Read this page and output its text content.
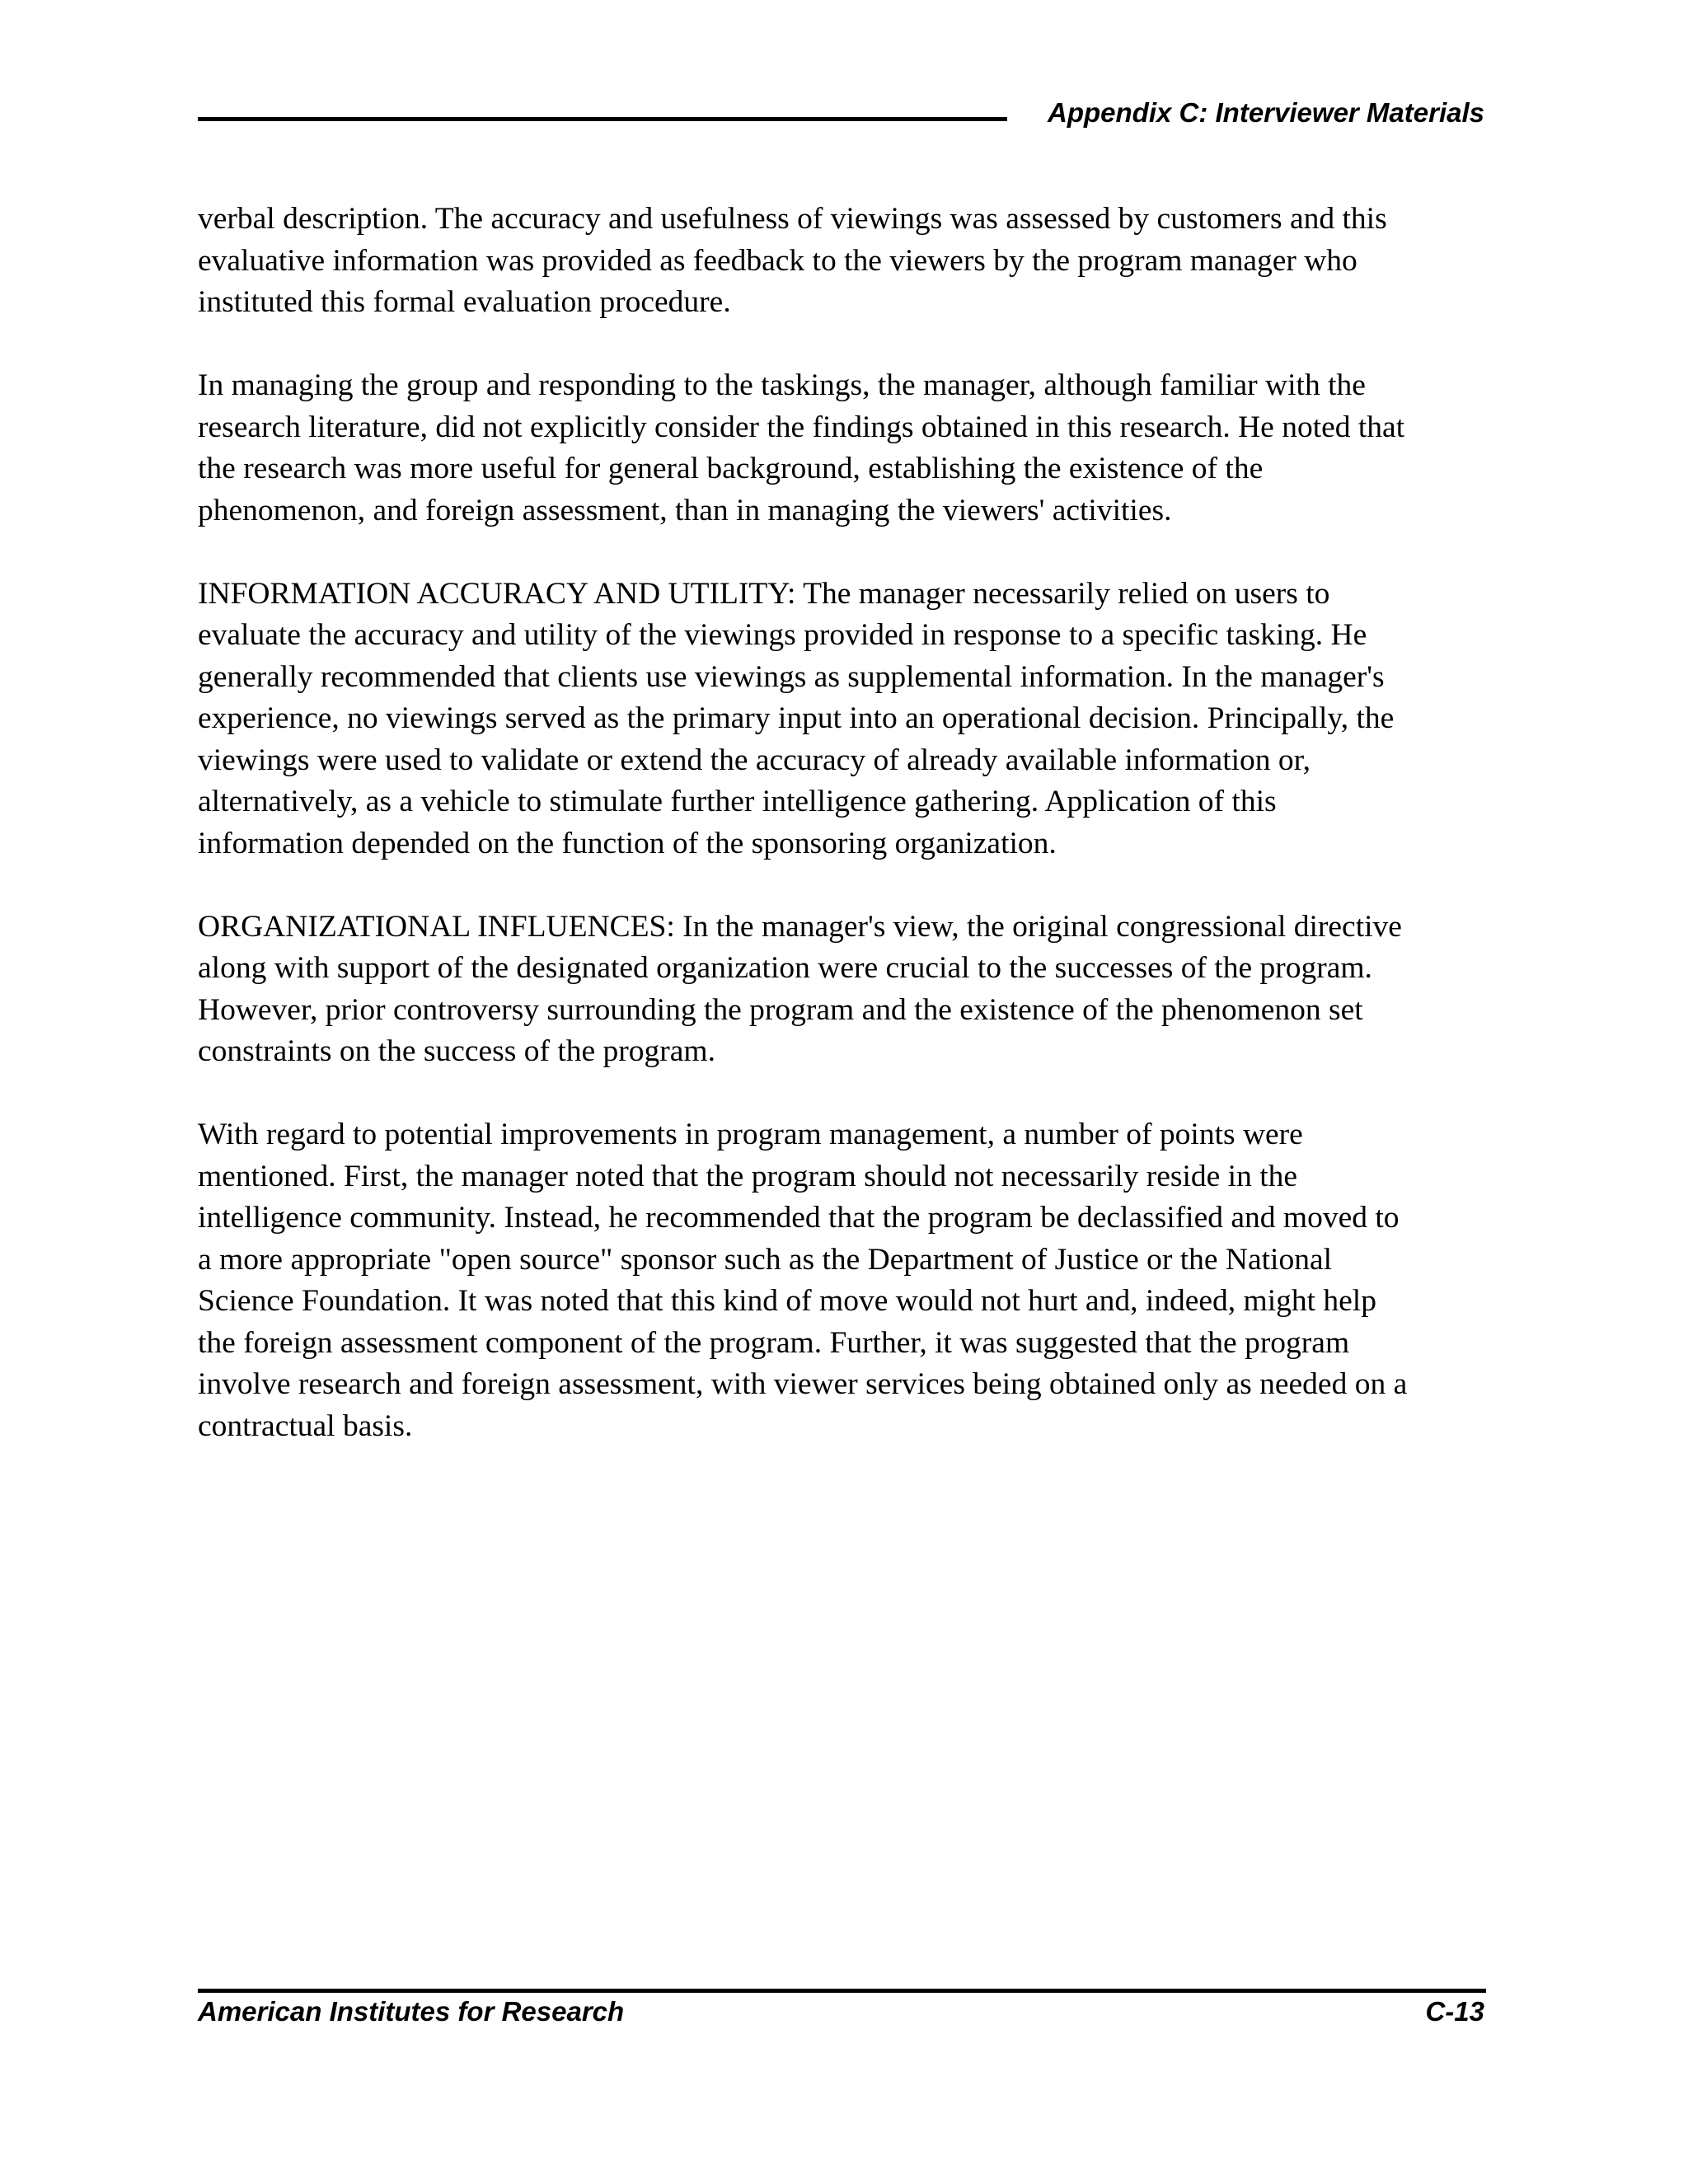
Appendix C: Interviewer Materials

verbal description. The accuracy and usefulness of viewings was assessed by customers and this
evaluative information was provided as feedback to the viewers by the program manager who
instituted this formal evaluation procedure.

In managing the group and responding to the taskings, the manager, although familiar with the
research literature, did not explicitly consider the findings obtained in this research. He noted that
the research was more useful for general background, establishing the existence of the
phenomenon, and foreign assessment, than in managing the viewers' activities.

INFORMATION ACCURACY AND UTILITY: The manager necessarily relied on users to
evaluate the accuracy and utility of the viewings provided in response to a specific tasking. He
generally recommended that clients use viewings as supplemental information. In the manager's
experience, no viewings served as the primary input into an operational decision. Principally, the
viewings were used to validate or extend the accuracy of already available information or,
alternatively, as a vehicle to stimulate further intelligence gathering. Application of this
information depended on the function of the sponsoring organization.

ORGANIZATIONAL INFLUENCES: In the manager's view, the original congressional directive
along with support of the designated organization were crucial to the successes of the program.
However, prior controversy surrounding the program and the existence of the phenomenon set
constraints on the success of the program.

With regard to potential improvements in program management, a number of points were
mentioned. First, the manager noted that the program should not necessarily reside in the
intelligence community. Instead, he recommended that the program be declassified and moved to
a more appropriate "open source" sponsor such as the Department of Justice or the National
Science Foundation. It was noted that this kind of move would not hurt and, indeed, might help
the foreign assessment component of the program. Further, it was suggested that the program
involve research and foreign assessment, with viewer services being obtained only as needed on a
contractual basis.

American Institutes for Research	C-13
